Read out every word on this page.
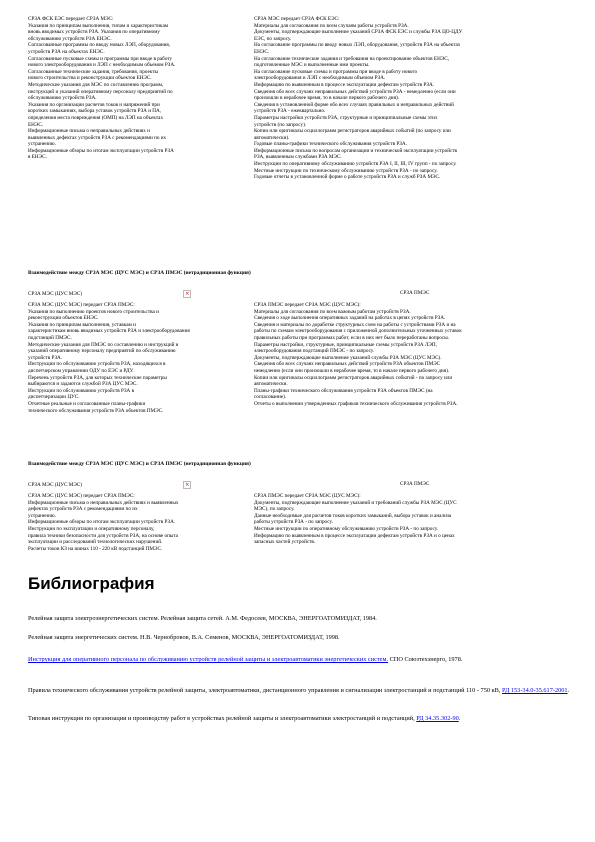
СРЗА ФСК ЕЭС передает СРЗА МЭС:
Указания по принципам выполнения, типам и характеристикам
вновь вводимых устройств РЗА. Указания по оперативному
обслуживанию устройств РЗА ЕНЭС.
Согласованные программы по вводу новых ЛЭП, оборудования,
устройств РЗА на объектах ЕНЭС.
Согласованные пусковые схемы и программы при вводе в работу
нового электрооборудования и ЛЭП с необходимым объемом РЗА.
Согласованные технические задания, требования, проекты
нового строительства и реконструкции объектов ЕНЭС.
Методические указания для МЭС по составлению программ,
инструкций и указаний оперативному персоналу предприятий по
обслуживанию устройств РЗА.
Указания по организации расчетов токов и напряжений при
коротких замыканиях, выбора уставок устройств РЗА и ПА,
определения места повреждения (ОМП) на ЛЭП на объектах
ЕНЭС.
Информационные письма о неправильных действиях и
выявленных дефектах устройств РЗА с рекомендациями по их
устранению.
Информационные обзоры по итогам эксплуатации устройств РЗА
в ЕНЭС.
СРЗА МЭС передает СРЗА ФСК ЕЭС:
Материалы для согласования по всем случаям работы устройств РЗА.
Документы, подтверждающие выполнение указаний СРЗА ФСК ЕЭС и службы РЗА ЦО-ЦДУ
ЕЭС, по запросу.
На согласование программы по вводу новых ЛЭП, оборудования, устройств РЗА на объектах
ЕНЭС.
На согласование технические задания и требования на проектирование объектов ЕНЭС,
подготовленные МЭС и выполненные ими проекты.
На согласование пусковые схемы и программы при вводе в работу нового
электрооборудования и ЛЭП с необходимым объемом РЗА.
Информацию по выявленным в процессе эксплуатации дефектам устройств РЗА.
Сведения обо всех случаях неправильных действий устройств РЗА - немедленно (если они
произошли в нерабочее время, то в начале первого рабочего дня).
Сведения в установленной форме обо всех случаях правильных и неправильных действий
устройств РЗА - ежеквартально.
Параметры настройки устройств РЗА, структурные и принципиальные схемы этих
устройств (по запросу).
Копии или оригиналы осциллограмм регистраторов аварийных событий (по запросу или
автоматически).
Годовые планы-графики технического обслуживания устройств РЗА.
Информационные письма по вопросам организации и технической эксплуатации устройств
РЗА, выявленным службами РЗА МЭС.
Инструкции по оперативному обслуживанию устройств РЗА I, II, III, IV групп - по запросу.
Местные инструкции по техническому обслуживанию устройств РЗА - по запросу.
Годовые отчеты в установленной форме о работе устройств РЗА и служб РЗА МЭС.
Взаимодействие между СРЗА МЭС (ЦУС МЭС) и СРЗА ПМЭС (нетрадиционная функция)
СРЗА МЭС (ЦУС МЭС)	×	СРЗА ПМЭС
СРЗА МЭС (ЦУС МЭС) передает СРЗА ПМЭС:
Указания по выполнению проектов нового строительства и
реконструкции объектов ЕНЭС.
Указания по принципам выполнения, уставкам и
характеристикам вновь вводимых устройств РЗА и электрооборудования
подстанций ПМЭС.
Методические указания для ПМЭС по составлению и инструкций и
указаний оперативному персоналу предприятий по обслуживанию
устройств РЗА.
Инструкции по обслуживанию устройств РЗА, находящихся в
диспетчерском управлении ОДУ по ЕЭС и РДУ.
Перечень устройств РЗА, для которых технические параметры
выбираются и задаются службой РЗА ЦУС МЭС.
Инструкции по обслуживанию устройств РЗА в
диспетчеризации ЦУС.
Отчетные реальные и согласованные планы-графики
технического обслуживания устройств РЗА объектов ПМЭС.
СРЗА ПМЭС передает СРЗА МЭС (ЦУС МЭС):
Материалы для согласования по всем важным работам устройств РЗА.
Сведения о ходе выполнения оперативных заданий на работах в цепях устройств РЗА.
Сведения и материалы по доработке структурных схем на работы с устройствами РЗА и на
работы по схемам электрооборудования с приложенной дополнительных уточненных уставок
правильных работы при программах работ, если в них нет было переработаны вопросы.
Параметры настройки, структурные, принципиальные схемы устройств РЗА ЛЭП,
электрооборудования подстанций ПМЭС - по запросу.
Документы, подтверждающие выполнение указаний службы РЗА МЭС (ЦУС МЭС).
Сведения обо всех случаях неправильных действий устройств РЗА объектов ПМЭС
немедленно (если они произошли в нерабочее время, то в начале первого рабочего дня).
Копии или оригиналы осциллограмм регистраторов аварийных событий - по запросу или
автоматически.
Планы-графики технического обслуживания устройств РЗА объектов ПМЭС (на
согласование).
Отчеты о выполнении утвержденных графиков технического обслуживания устройств РЗА.
Взаимодействие между СРЗА МЭС (ЦУС МЭС) и СРЗА ПМЭС (нетрадиционная функция)
СРЗА МЭС (ЦУС МЭС)	×	СРЗА ПМЭС
СРЗА МЭС (ЦУС МЭС) передает СРЗА ПМЭС:
Информационные письма о неправильных действиях и выявленных
дефектах устройств РЗА с рекомендациями по их
устранению.
Информационные обзоры по итогам эксплуатации устройств РЗА.
Инструкции по эксплуатации и оперативному персоналу,
правила техники безопасности для устройств РЗА, на основе опыта
эксплуатации и расследований технологических нарушений.
Расчеты токов КЗ на шинах 110 - 220 кВ подстанций ПМЭС.
СРЗА ПМЭС передает СРЗА МЭС (ЦУС МЭС):
Документы, подтверждающие выполнение указаний и требований службы РЗА МЭС (ЦУС
МЭС), по запросу.
Данные необходимые для расчетов токов коротких замыканий, выбора уставок и анализа
работы устройств РЗА - по запросу.
Местные инструкции по оперативному обслуживанию устройств РЗА - по запросу.
Информацию по выявленным в процессе эксплуатации дефектам устройств РЗА и о ценах
запасных частей устройств.
Библиография
Релейная защита электроэнергетических систем. Релейная защита сетей. А.М. Федосеев, МОСКВА, ЭНЕРГОАТОМИЗДАТ, 1984.
Релейная защита энергетических систем. Н.В. Чернобровов, В.А. Семенов, МОСКВА, ЭНЕРГОАТОМИЗДАТ, 1998.
Инструкция для оперативного персонала по обслуживанию устройств релейной защиты и электроавтоматики энергетических систем. СПО Союзтехэнерго, 1978.
Правила технического обслуживания устройств релейной защиты, электроавтоматики, дистанционного управления и сигнализации электростанций и подстанций 110 - 750 кВ, РД 153-34.0-35.617-2001.
Типовая инструкция по организации и производству работ в устройствах релейной защиты и электроавтоматики электростанций и подстанций, РД 34.35.302-90.
